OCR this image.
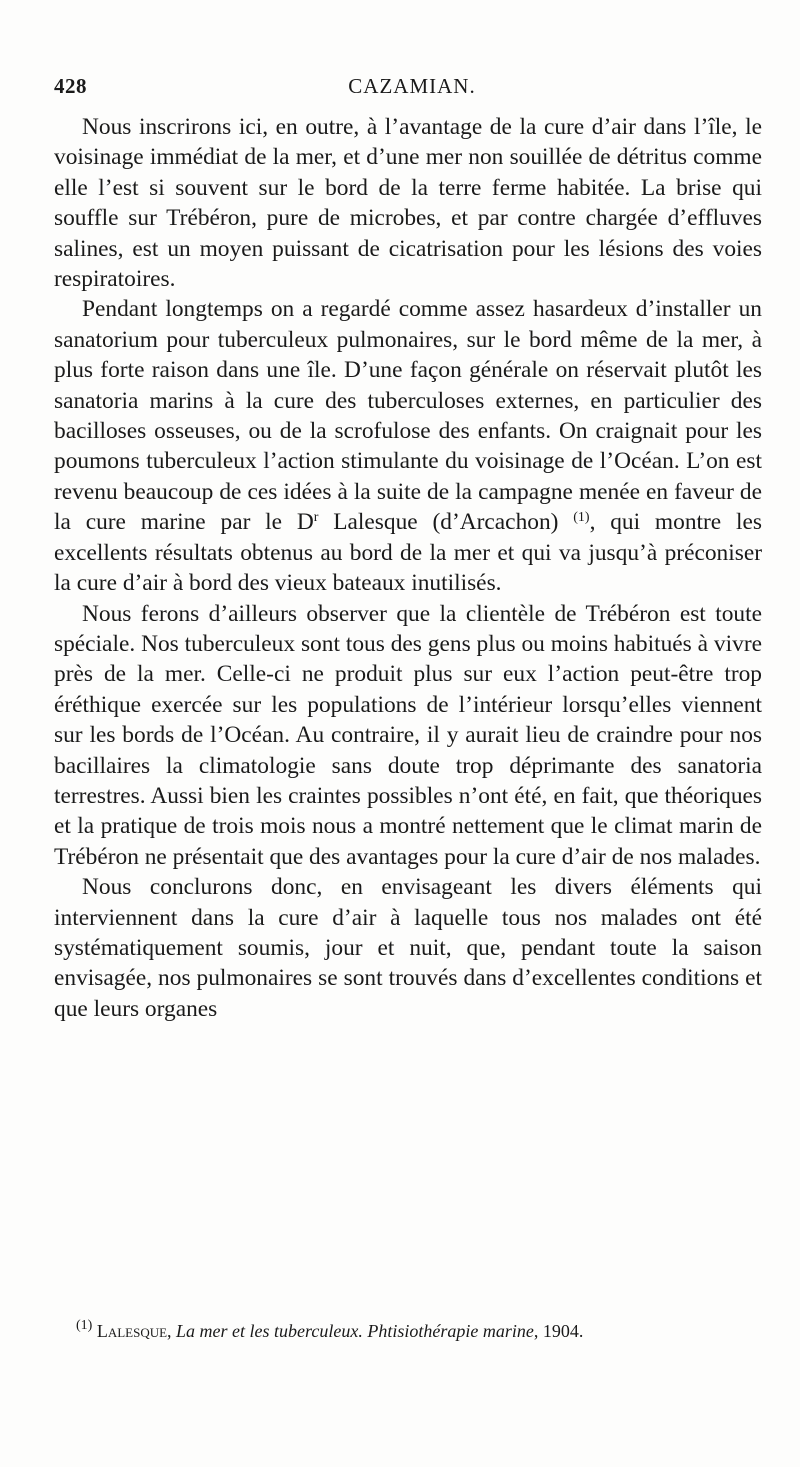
428	CAZAMIAN.

Nous inscrirons ici, en outre, à l’avantage de la cure d’air dans l’île, le voisinage immédiat de la mer, et d’une mer non souillée de détritus comme elle l’est si souvent sur le bord de la terre ferme habitée. La brise qui souffle sur Trébéron, pure de microbes, et par contre chargée d’effluves salines, est un moyen puissant de cicatrisation pour les lésions des voies respiratoires.

Pendant longtemps on a regardé comme assez hasardeux d’installer un sanatorium pour tuberculeux pulmonaires, sur le bord même de la mer, à plus forte raison dans une île. D’une façon générale on réservait plutôt les sanatoria marins à la cure des tuberculoses externes, en particulier des bacilloses osseuses, ou de la scrofulose des enfants. On craignait pour les poumons tuberculeux l’action stimulante du voisinage de l’Océan. L’on est revenu beaucoup de ces idées à la suite de la campagne menée en faveur de la cure marine par le $D^r$ Lalesque (d’Arcachon) $^{(1)}$, qui montre les excellents résultats obtenus au bord de la mer et qui va jusqu’à préconiser la cure d’air à bord des vieux bateaux inutilisés.

Nous ferons d’ailleurs observer que la clientèle de Trébéron est toute spéciale. Nos tuberculeux sont tous des gens plus ou moins habitués à vivre près de la mer. Celle-ci ne produit plus sur eux l’action peut-être trop éréthique exercée sur les populations de l’intérieur lorsqu’elles viennent sur les bords de l’Océan. Au contraire, il y aurait lieu de craindre pour nos bacillaires la climatologie sans doute trop déprimante des sanatoria terrestres. Aussi bien les craintes possibles n’ont été, en fait, que théoriques et la pratique de trois mois nous a montré nettement que le climat marin de Trébéron ne présentait que des avantages pour la cure d’air de nos malades.

Nous conclurons donc, en envisageant les divers éléments qui interviennent dans la cure d’air à laquelle tous nos malades ont été systématiquement soumis, jour et nuit, que, pendant toute la saison envisagée, nos pulmonaires se sont trouvés dans d’excellentes conditions et que leurs organes

$^{(1)}$ Lalesque, La mer et les tuberculeux. Phtisiothérapie marine, 1904.
